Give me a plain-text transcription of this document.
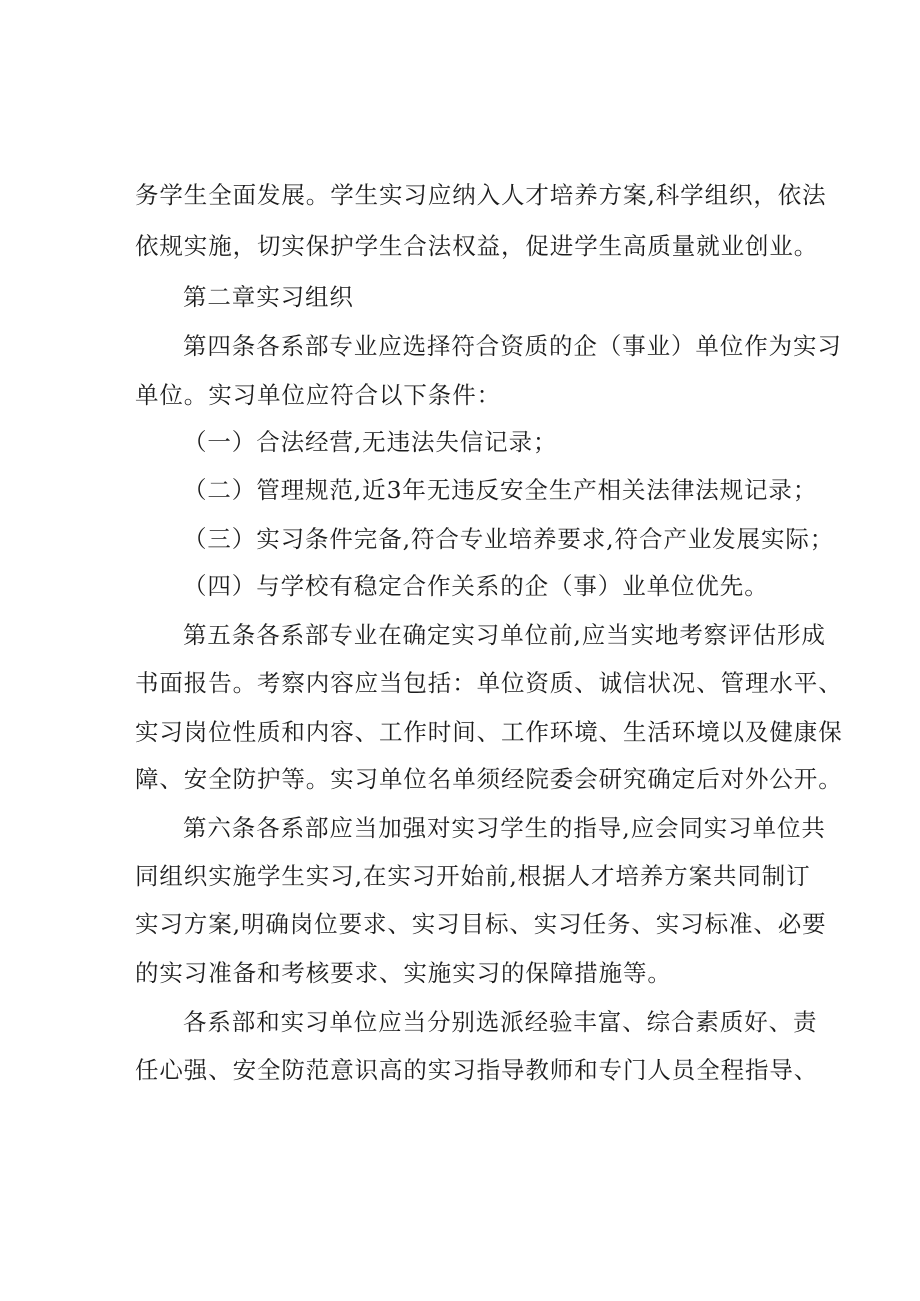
务学生全面发展。学生实习应纳入人才培养方案,科学组织，依法
依规实施，切实保护学生合法权益，促进学生高质量就业创业。
第二章实习组织
第四条各系部专业应选择符合资质的企（事业）单位作为实习
单位。实习单位应符合以下条件：
（一）合法经营,无违法失信记录；
（二）管理规范,近3年无违反安全生产相关法律法规记录；
（三）实习条件完备,符合专业培养要求,符合产业发展实际；
（四）与学校有稳定合作关系的企（事）业单位优先。
第五条各系部专业在确定实习单位前,应当实地考察评估形成
书面报告。考察内容应当包括：单位资质、诚信状况、管理水平、
实习岗位性质和内容、工作时间、工作环境、生活环境以及健康保
障、安全防护等。实习单位名单须经院委会研究确定后对外公开。
第六条各系部应当加强对实习学生的指导,应会同实习单位共
同组织实施学生实习,在实习开始前,根据人才培养方案共同制订
实习方案,明确岗位要求、实习目标、实习任务、实习标准、必要
的实习准备和考核要求、实施实习的保障措施等。
各系部和实习单位应当分别选派经验丰富、综合素质好、责
任心强、安全防范意识高的实习指导教师和专门人员全程指导、
